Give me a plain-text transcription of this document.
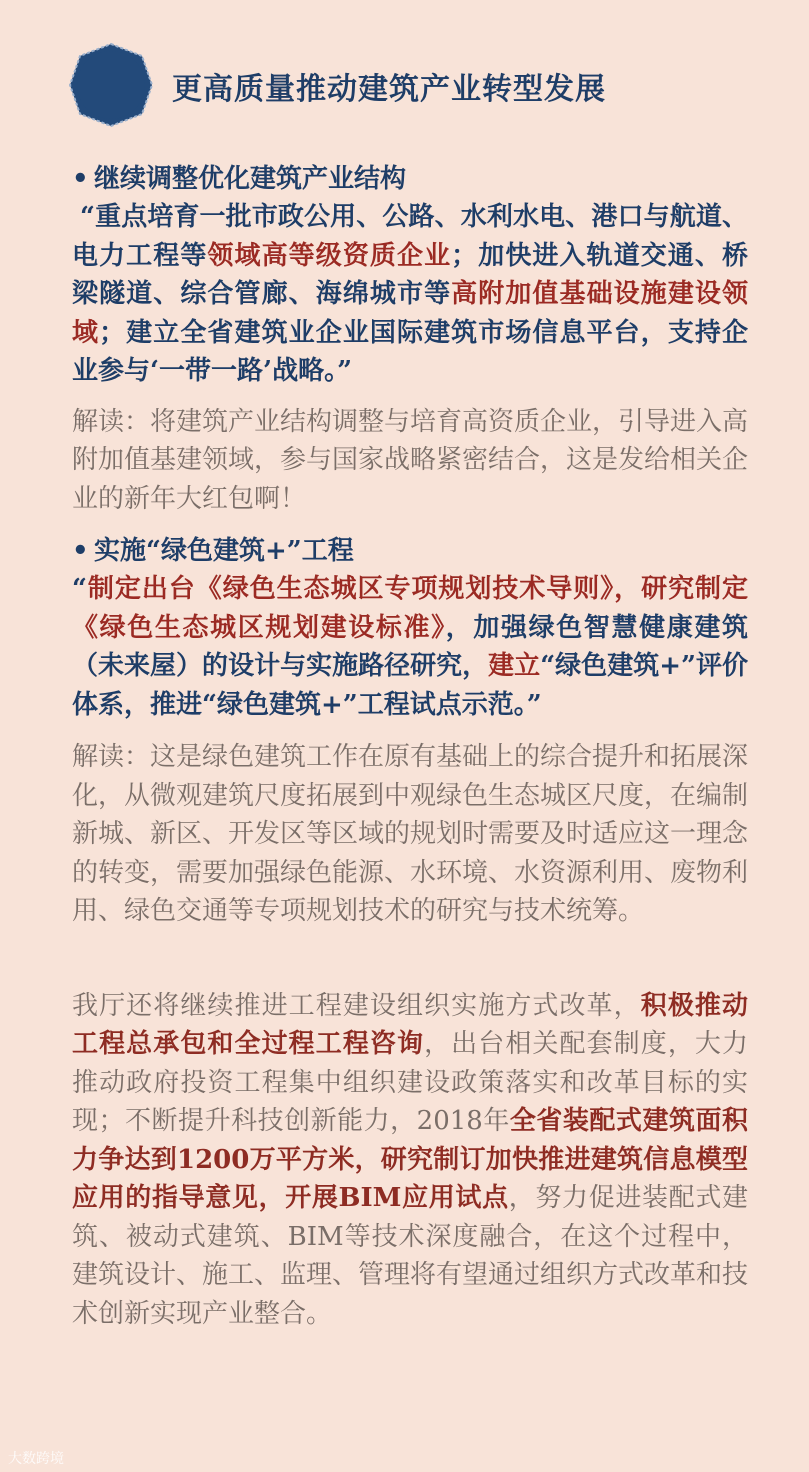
更高质量推动建筑产业转型发展

• 继续调整优化建筑产业结构

“重点培育一批市政公用、公路、水利水电、港口与航道、电力工程等领域高等级资质企业；加快进入轨道交通、桥梁隧道、综合管廊、海绵城市等高附加值基础设施建设领域；建立全省建筑业企业国际建筑市场信息平台，支持企业参与‘一带一路’战略。”

解读：将建筑产业结构调整与培育高资质企业，引导进入高附加值基建领域，参与国家战略紧密结合，这是发给相关企业的新年大红包啊！

• 实施“绿色建筑+”工程

“制定出台《绿色生态城区专项规划技术导则》，研究制定《绿色生态城区规划建设标准》，加强绿色智慧健康建筑（未来屋）的设计与实施路径研究，建立“绿色建筑+”评价体系，推进“绿色建筑+”工程试点示范。”

解读：这是绿色建筑工作在原有基础上的综合提升和拓展深化，从微观建筑尺度拓展到中观绿色生态城区尺度，在编制新城、新区、开发区等区域的规划时需要及时适应这一理念的转变，需要加强绿色能源、水环境、水资源利用、废物利用、绿色交通等专项规划技术的研究与技术统筹。

我厅还将继续推进工程建设组织实施方式改革，积极推动工程总承包和全过程工程咨询，出台相关配套制度，大力推动政府投资工程集中组织建设政策落实和改革目标的实现；不断提升科技创新能力，2018年全省装配式建筑面积力争达到1200万平方米，研究制订加快推进建筑信息模型应用的指导意见，开展BIM应用试点，努力促进装配式建筑、被动式建筑、BIM等技术深度融合，在这个过程中，建筑设计、施工、监理、管理将有望通过组织方式改革和技术创新实现产业整合。

大数跨境
